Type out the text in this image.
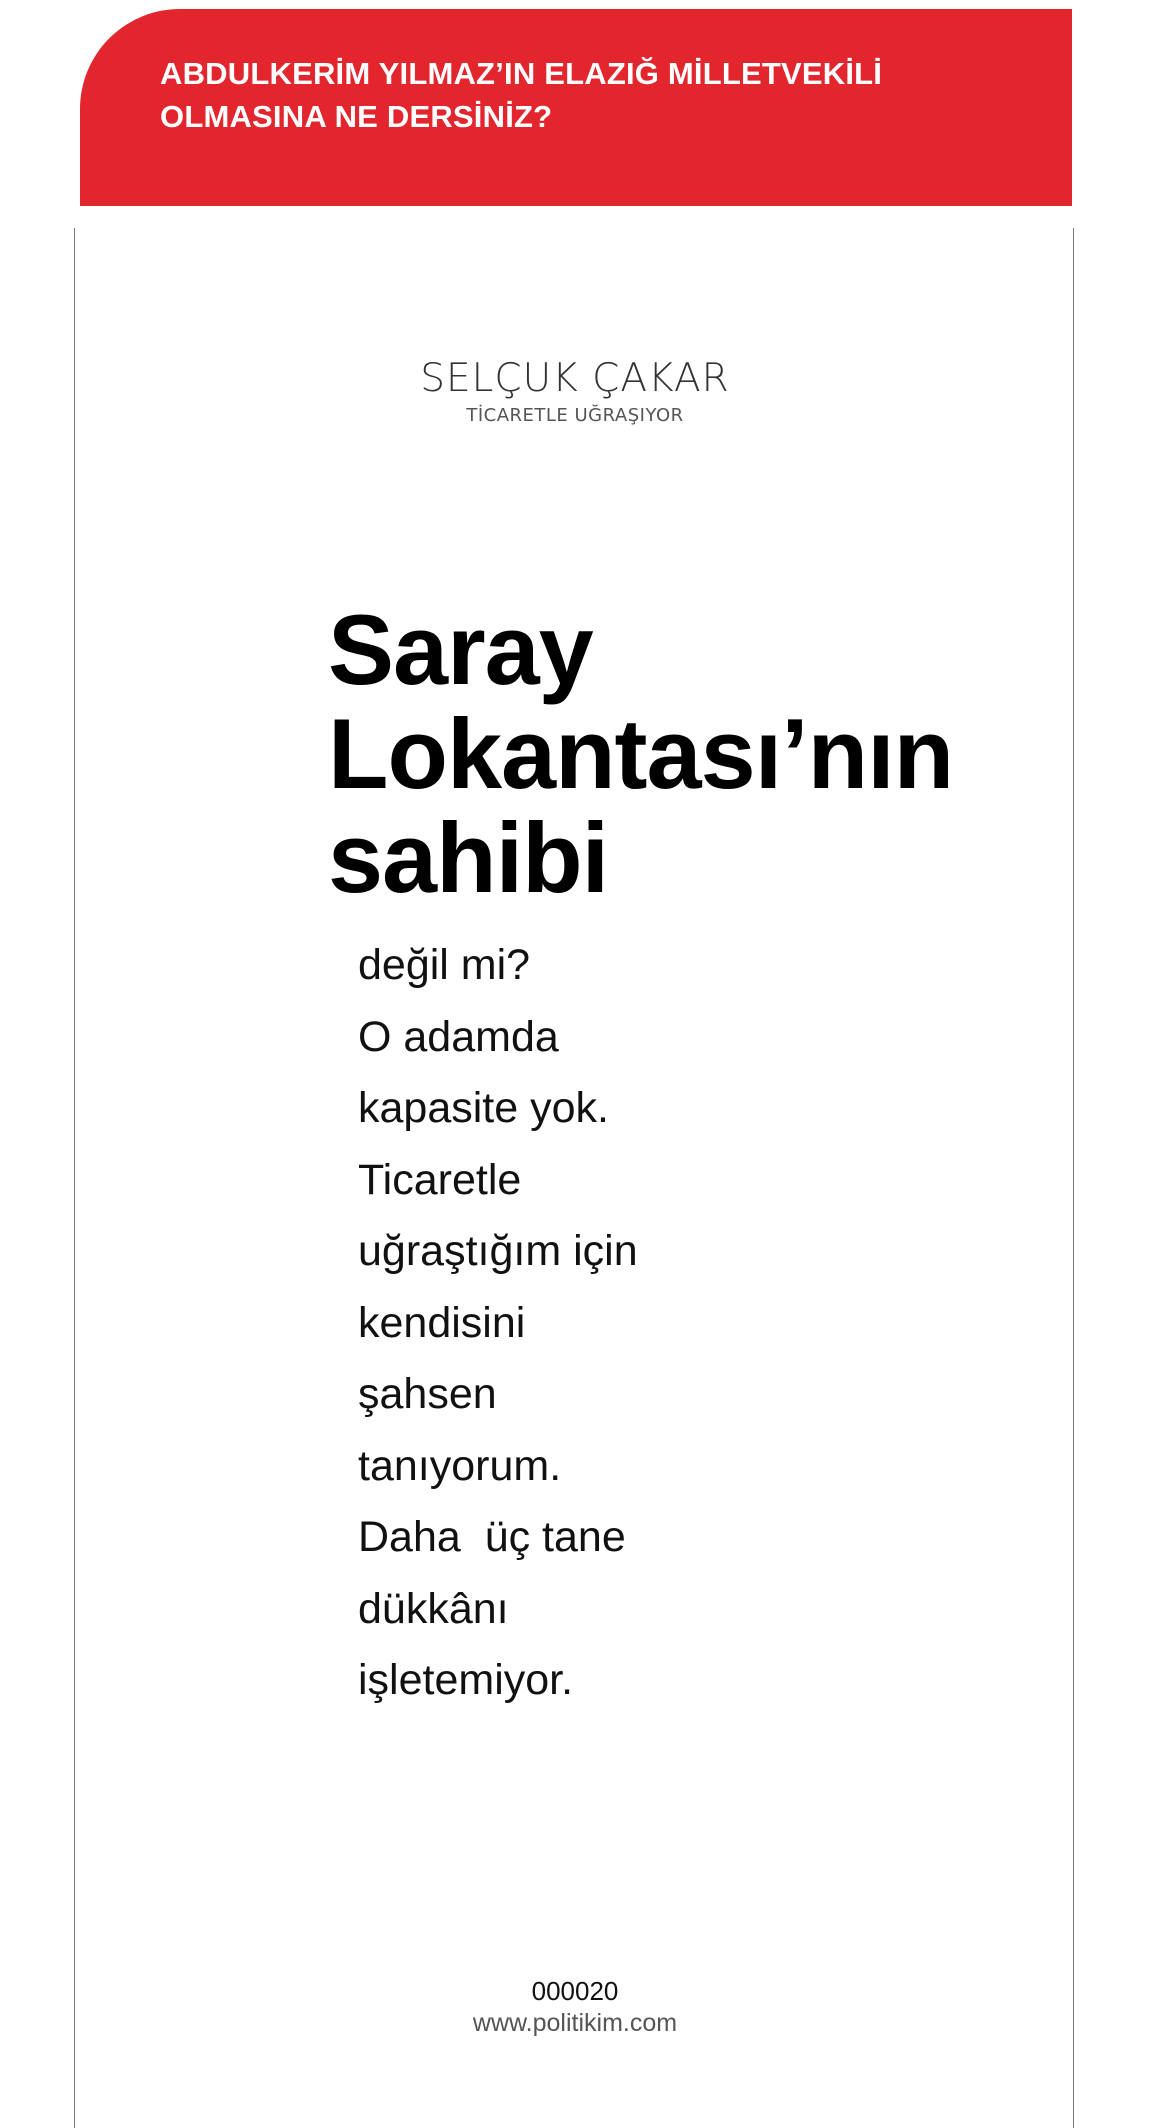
ABDULKERİM YILMAZ’IN ELAZIĞ MİLLETVEKİLİ
OLMASINA NE DERSİNİZ?
SELÇUK ÇAKAR
TİCARETLE UĞRAŞIYOR
Saray
Lokantası’nın
sahibi
değil mi?
O adamda
kapasite yok.
Ticaretle
uğraştığım için
kendisini
şahsen
tanıyorum.
Daha  üç tane
dükkânı
işletemiyor.
000020
www.politikim.com
